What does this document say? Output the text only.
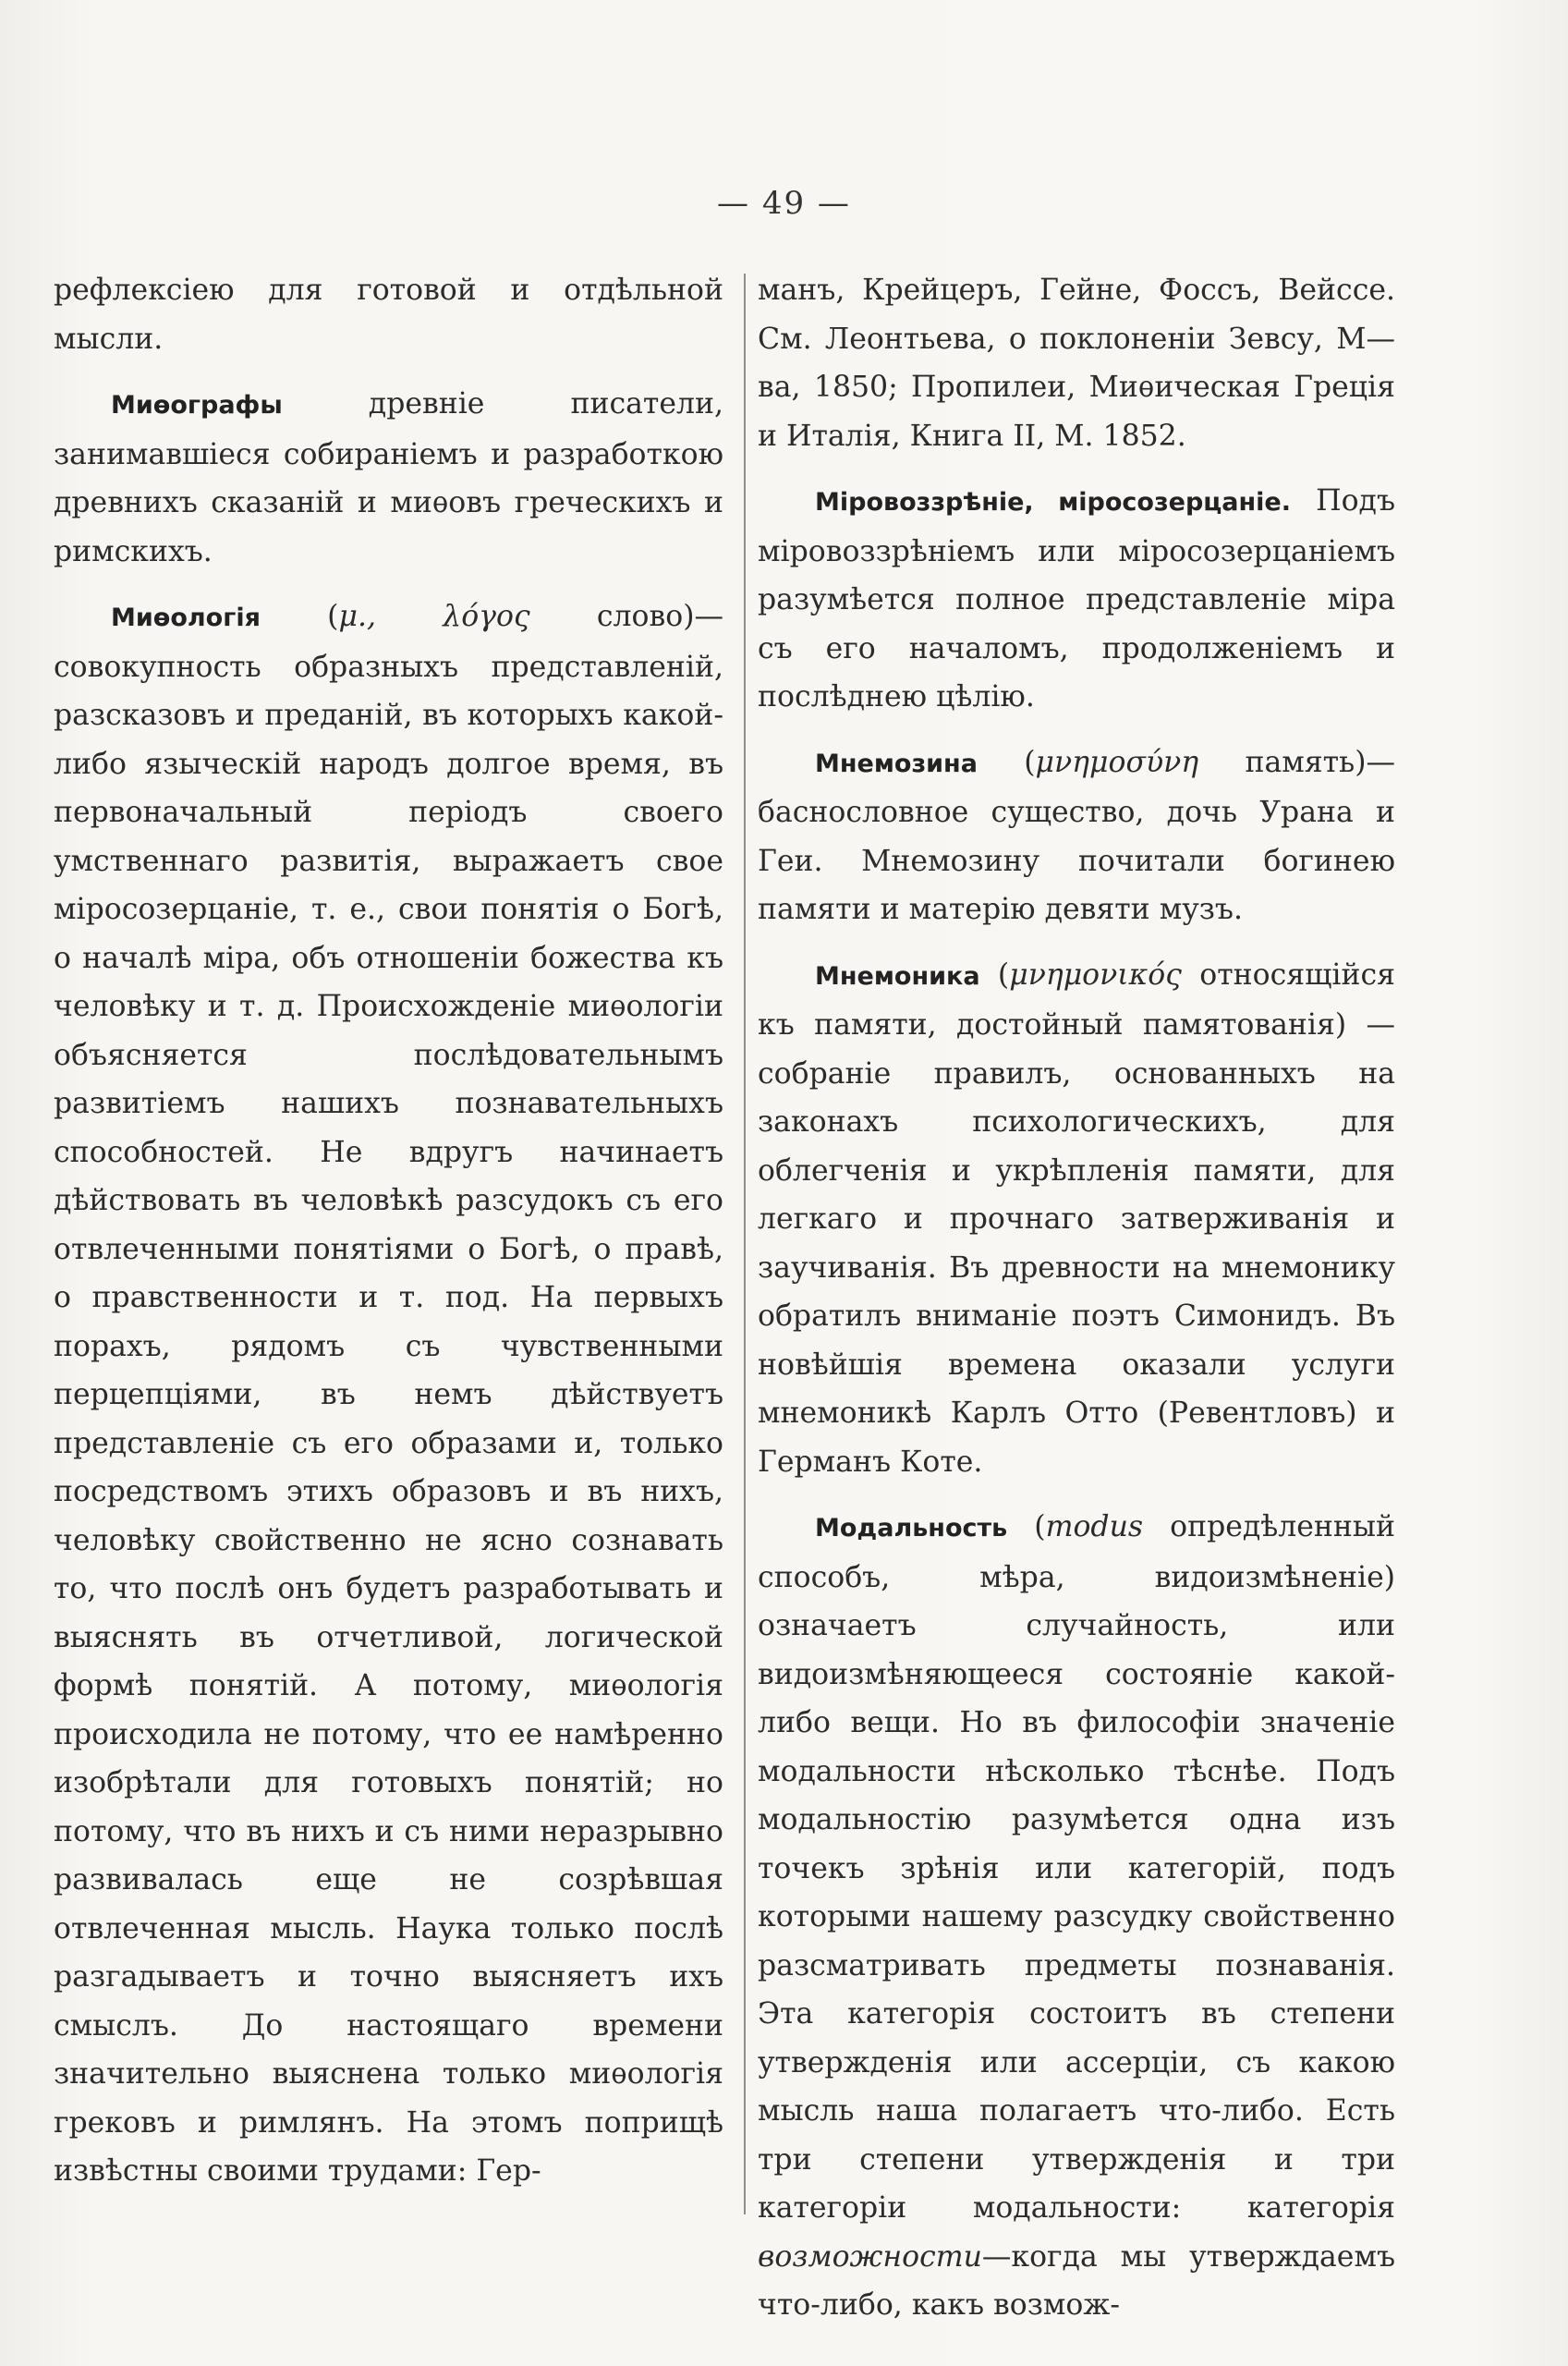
— 49 —

рефлексіею для готовой и отдѣльной мысли.

Миѳографы древніе писатели, занимавшіеся собираніемъ и разработкою древнихъ сказаній и миѳовъ греческихъ и римскихъ.

Миѳологія (μ., λόγος слово)—совокупность образныхъ представленій, разсказовъ и преданій, въ которыхъ какой-либо языческій народъ долгое время, въ первоначальный періодъ своего умственнаго развитія, выражаетъ свое міросозерцаніе, т. е., свои понятія о Богѣ, о началѣ міра, объ отношеніи божества къ человѣку и т. д. Происхожденіе миѳологіи объясняется послѣдовательнымъ развитіемъ нашихъ познавательныхъ способностей. Не вдругъ начинаетъ дѣйствовать въ человѣкѣ разсудокъ съ его отвлеченными понятіями о Богѣ, о правѣ, о правственности и т. под. На первыхъ порахъ, рядомъ съ чувственными перцепціями, въ немъ дѣйствуетъ представленіе съ его образами и, только посредствомъ этихъ образовъ и въ нихъ, человѣку свойственно не ясно сознавать то, что послѣ онъ будетъ разработывать и выяснять въ отчетливой, логической формѣ понятій. А потому, миѳологія происходила не потому, что ее намѣренно изобрѣтали для готовыхъ понятій; но потому, что въ нихъ и съ ними неразрывно развивалась еще не созрѣвшая отвлеченная мысль. Наука только послѣ разгадываетъ и точно выясняетъ ихъ смыслъ. До настоящаго времени значительно выяснена только миѳологія грековъ и римлянъ. На этомъ поприщѣ извѣстны своими трудами: Гер-

манъ, Крейцеръ, Гейне, Фоссъ, Вейссе. См. Леонтьева, о поклоненіи Зевсу, М—ва, 1850; Пропилеи, Миѳическая Греція и Италія, Книга II, М. 1852.

Міровоззрѣніе, міросозерцаніе. Подъ міровоззрѣніемъ или міросозерцаніемъ разумѣется полное представленіе міра съ его началомъ, продолженіемъ и послѣднею цѣлію.

Мнемозина (μνημοσύνη память)—баснословное существо, дочь Урана и Геи. Мнемозину почитали богинею памяти и матерію девяти музъ.

Мнемоника (μνημονικός относящійся къ памяти, достойный памятованія) —собраніе правилъ, основанныхъ на законахъ психологическихъ, для облегченія и укрѣпленія памяти, для легкаго и прочнаго затверживанія и заучиванія. Въ древности на мнемонику обратилъ вниманіе поэтъ Симонидъ. Въ новѣйшія времена оказали услуги мнемоникѣ Карлъ Отто (Ревентловъ) и Германъ Коте.

Модальность (modus опредѣленный способъ, мѣра, видоизмѣненіе) означаетъ случайность, или видоизмѣняющееся состояніе какой-либо вещи. Но въ философіи значеніе модальности нѣсколько тѣснѣе. Подъ модальностію разумѣется одна изъ точекъ зрѣнія или категорій, подъ которыми нашему разсудку свойственно разсматривать предметы познаванія. Эта категорія состоитъ въ степени утвержденія или ассерціи, съ какою мысль наша полагаетъ что-либо. Есть три степени утвержденія и три категоріи модальности: категорія возможности—когда мы утверждаемъ что-либо, какъ возмож-
